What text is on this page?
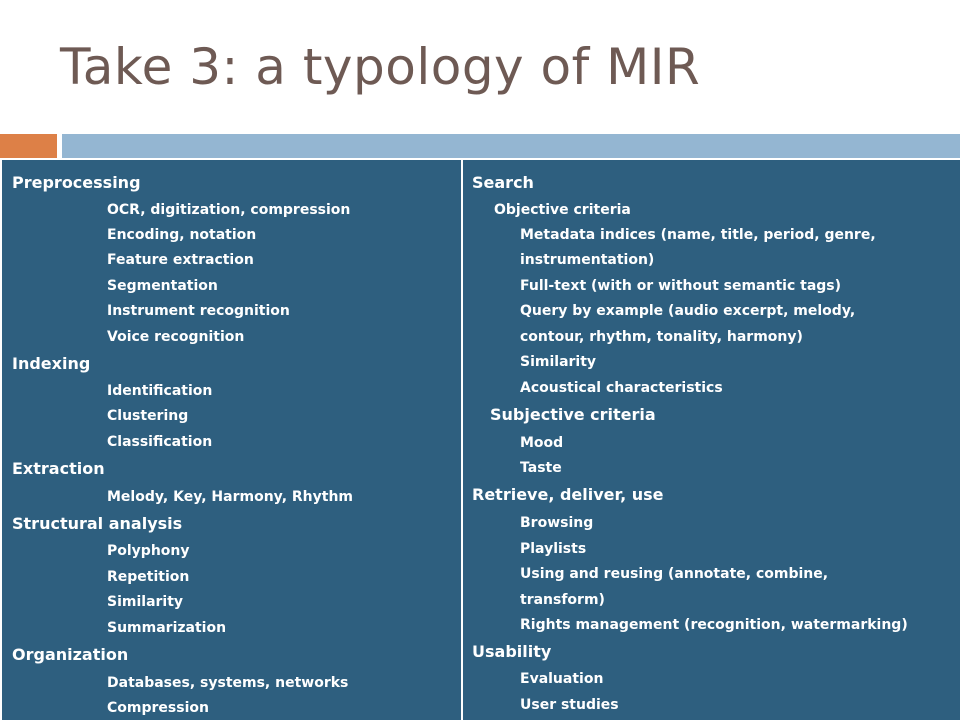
Take 3: a typology of MIR
Preprocessing
OCR, digitization, compression
Encoding, notation
Feature extraction
Segmentation
Instrument recognition
Voice recognition
Indexing
Identification
Clustering
Classification
Extraction
Melody, Key, Harmony, Rhythm
Structural analysis
Polyphony
Repetition
Similarity
Summarization
Organization
Databases, systems, networks
Compression
Search
Objective criteria
Metadata indices (name, title, period, genre,
instrumentation)
Full-text (with or without semantic tags)
Query by example (audio excerpt, melody,
contour, rhythm, tonality, harmony)
Similarity
Acoustical characteristics
Subjective criteria
Mood
Taste
Retrieve, deliver, use
Browsing
Playlists
Using and reusing (annotate, combine,
transform)
Rights management (recognition, watermarking)
Usability
Evaluation
User studies
